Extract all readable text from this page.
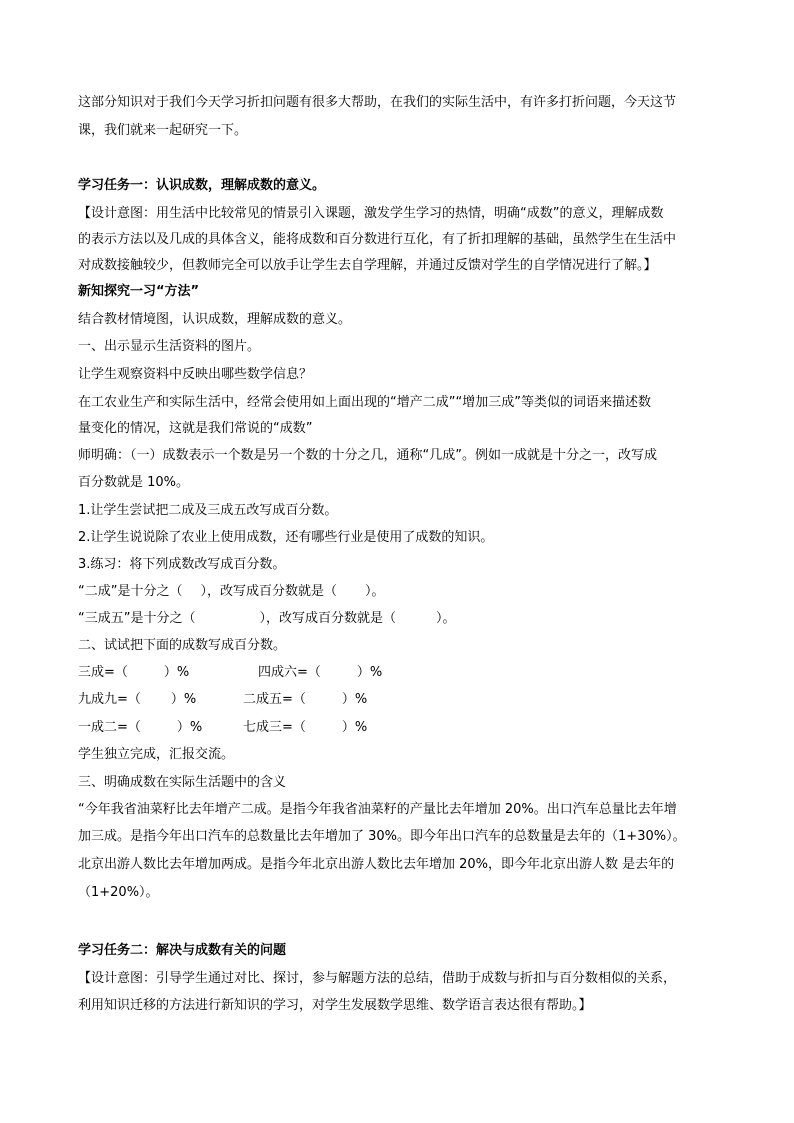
这部分知识对于我们今天学习折扣问题有很多大帮助，在我们的实际生活中，有许多打折问题，今天这节
课，我们就来一起研究一下。
学习任务一：认识成数，理解成数的意义。
【设计意图：用生活中比较常见的情景引入课题，激发学生学习的热情，明确“成数”的意义，理解成数
的表示方法以及几成的具体含义，能将成数和百分数进行互化，有了折扣理解的基础，虽然学生在生活中
对成数接触较少，但教师完全可以放手让学生去自学理解，并通过反馈对学生的自学情况进行了解。】
新知探究一习“方法”
结合教材情境图，认识成数，理解成数的意义。
一、出示显示生活资料的图片。
让学生观察资料中反映出哪些数学信息？
在工农业生产和实际生活中，经常会使用如上面出现的“增产二成”“增加三成”等类似的词语来描述数
量变化的情况，这就是我们常说的“成数”
师明确：（一）成数表示一个数是另一个数的十分之几，通称“几成”。例如一成就是十分之一，改写成
百分数就是 10%。
1.让学生尝试把二成及三成五改写成百分数。
2.让学生说说除了农业上使用成数，还有哪些行业是使用了成数的知识。
3.练习：将下列成数改写成百分数。
“二成”是十分之（ ），改写成百分数就是（ ）。
“三成五”是十分之（	），改写成百分数就是（	）。
二、试试把下面的成数写成百分数。
三成=（	）%	四成六=（	）%
九成九=（ ）%	二成五=（	）%
一成二=（	）%	七成三=（	）%
学生独立完成，汇报交流。
三、明确成数在实际生活题中的含义
“今年我省油菜籽比去年增产二成。是指今年我省油菜籽的产量比去年增加 20%。出口汽车总量比去年增
加三成。是指今年出口汽车的总数量比去年增加了 30%。即今年出口汽车的总数量是去年的（1+30%）。
北京出游人数比去年增加两成。是指今年北京出游人数比去年增加 20%，即今年北京出游人数 是去年的
（1+20%）。
学习任务二：解决与成数有关的问题
【设计意图：引导学生通过对比、探讨，参与解题方法的总结，借助于成数与折扣与百分数相似的关系，
利用知识迁移的方法进行新知识的学习，对学生发展数学思维、数学语言表达很有帮助。】
